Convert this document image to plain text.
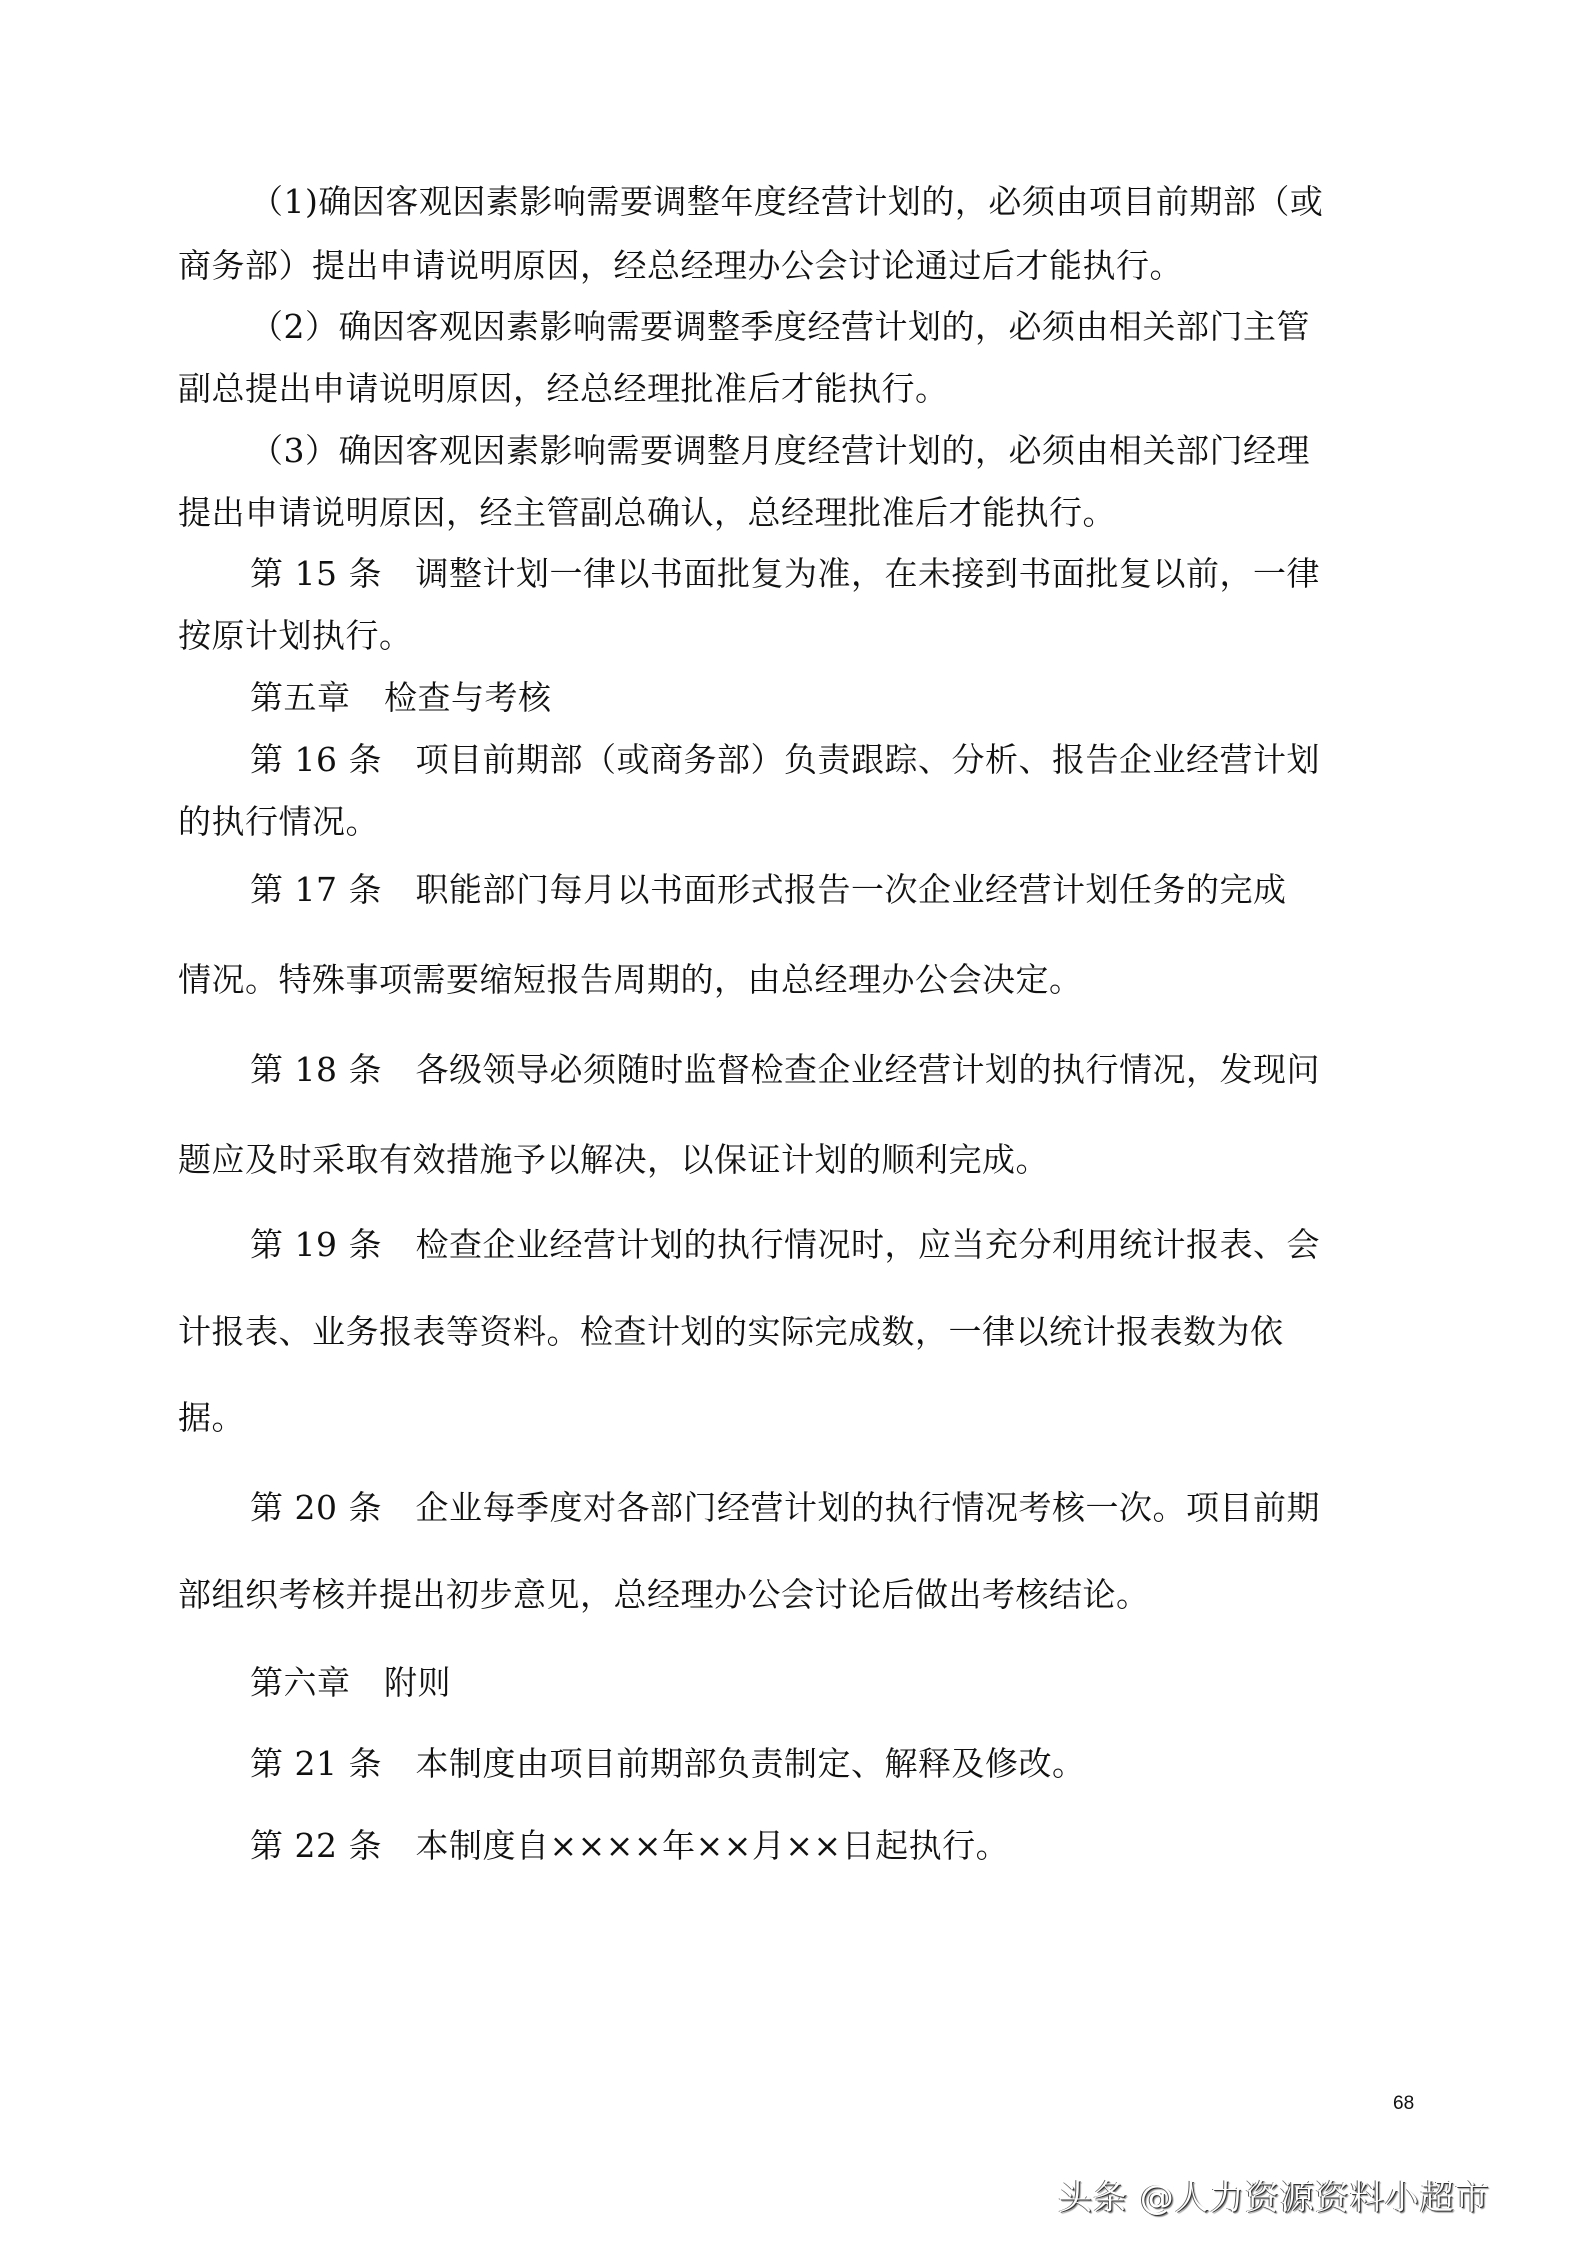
（1)确因客观因素影响需要调整年度经营计划的，必须由项目前期部（或
商务部）提出申请说明原因，经总经理办公会讨论通过后才能执行。
（2）确因客观因素影响需要调整季度经营计划的，必须由相关部门主管
副总提出申请说明原因，经总经理批准后才能执行。
（3）确因客观因素影响需要调整月度经营计划的，必须由相关部门经理
提出申请说明原因，经主管副总确认，总经理批准后才能执行。
第 15 条　调整计划一律以书面批复为准，在未接到书面批复以前，一律
按原计划执行。
第五章　检查与考核
第 16 条　项目前期部（或商务部）负责跟踪、分析、报告企业经营计划
的执行情况。
第 17 条　职能部门每月以书面形式报告一次企业经营计划任务的完成
情况。特殊事项需要缩短报告周期的，由总经理办公会决定。
第 18 条　各级领导必须随时监督检查企业经营计划的执行情况，发现问
题应及时采取有效措施予以解决，以保证计划的顺利完成。
第 19 条　检查企业经营计划的执行情况时，应当充分利用统计报表、会
计报表、业务报表等资料。检查计划的实际完成数，一律以统计报表数为依
据。
第 20 条　企业每季度对各部门经营计划的执行情况考核一次。项目前期
部组织考核并提出初步意见，总经理办公会讨论后做出考核结论。
第六章　附则
第 21 条　本制度由项目前期部负责制定、解释及修改。
第 22 条　本制度自××××年××月××日起执行。
68
头条 @人力资源资料小超市
